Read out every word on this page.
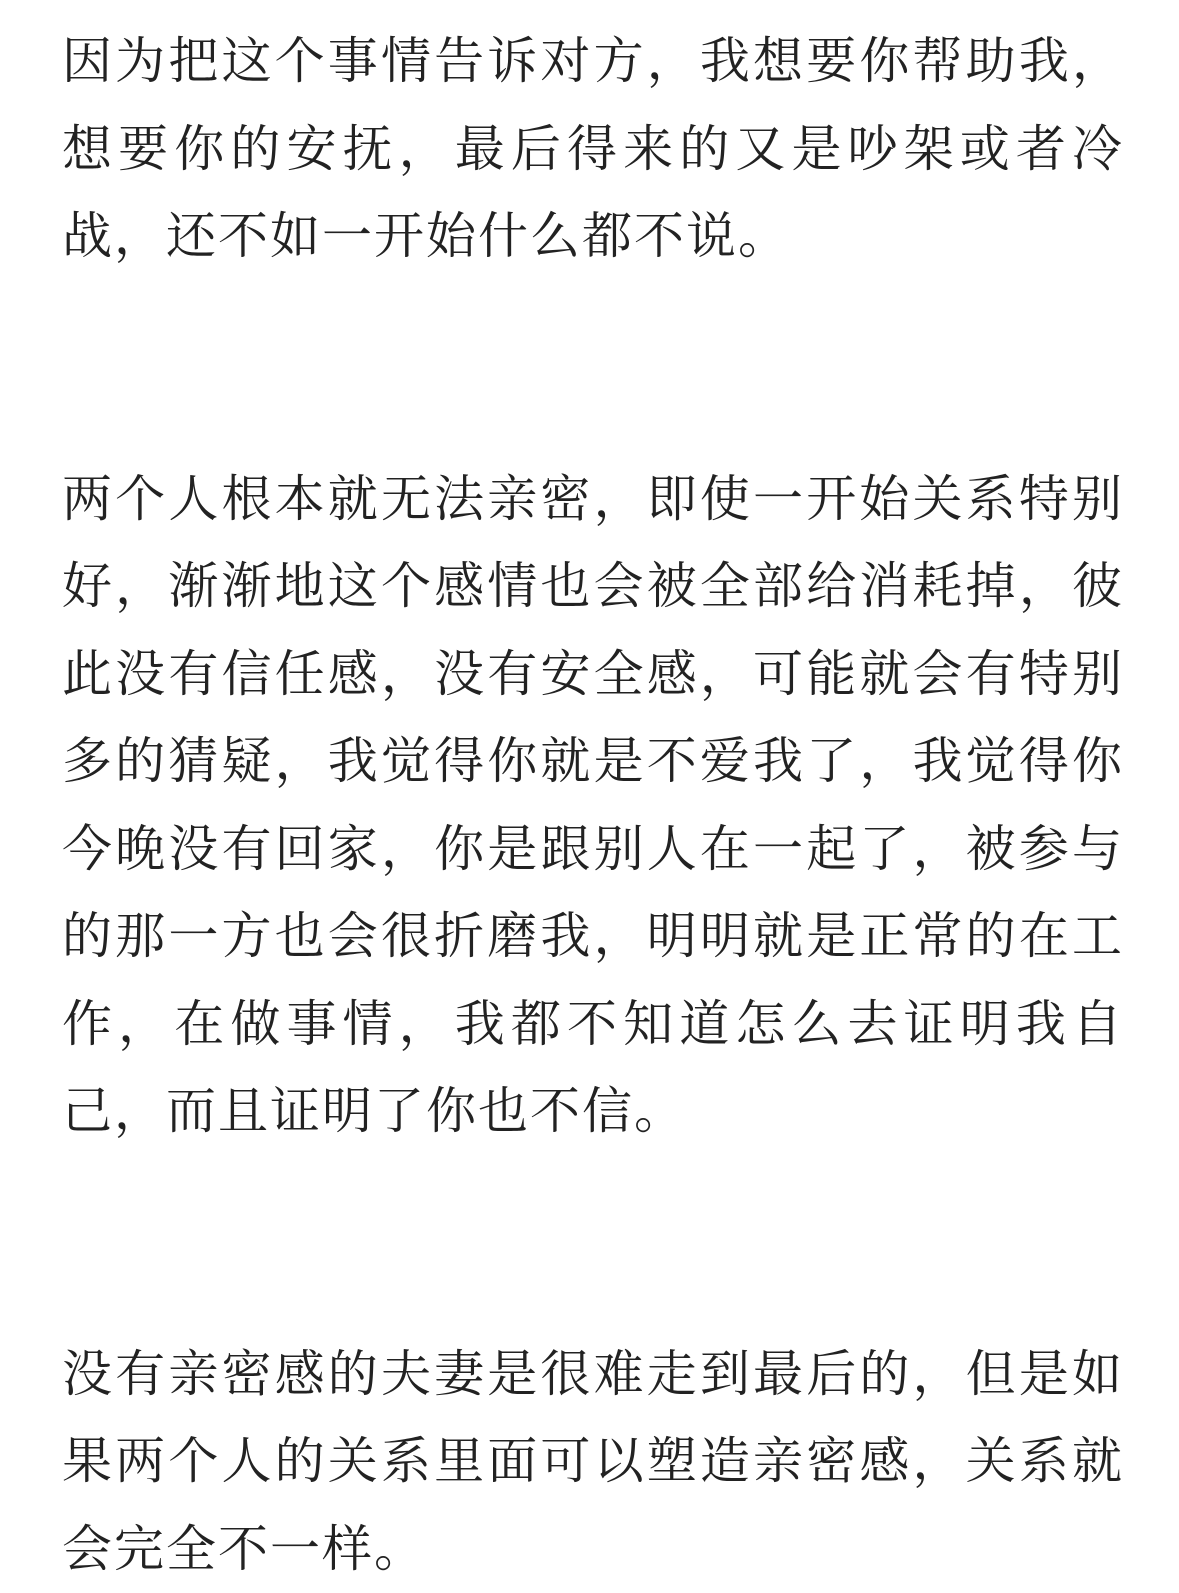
因为把这个事情告诉对方，我想要你帮助我，想要你的安抚，最后得来的又是吵架或者冷战，还不如一开始什么都不说。

两个人根本就无法亲密，即使一开始关系特别好，渐渐地这个感情也会被全部给消耗掉，彼此没有信任感，没有安全感，可能就会有特别多的猜疑，我觉得你就是不爱我了，我觉得你今晚没有回家，你是跟别人在一起了，被参与的那一方也会很折磨我，明明就是正常的在工作，在做事情，我都不知道怎么去证明我自己，而且证明了你也不信。

没有亲密感的夫妻是很难走到最后的，但是如果两个人的关系里面可以塑造亲密感，关系就会完全不一样。
